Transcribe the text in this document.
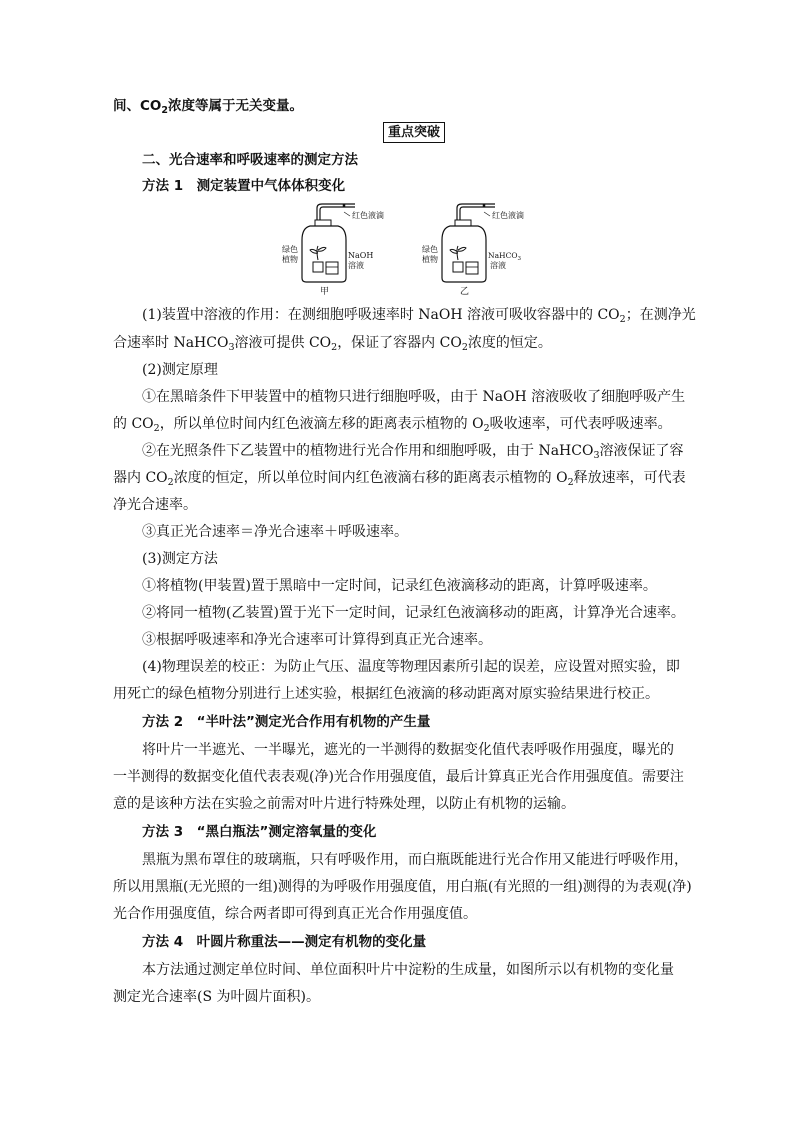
间、$CO_2$浓度等属于无关变量。
重点突破
二、光合速率和呼吸速率的测定方法
方法 1　测定装置中气体体积变化
红色液滴
绿色
植物	NaOH
溶液
甲
红色液滴
绿色
植物	NaHCO$_3$
溶液
乙
(1)装置中溶液的作用：在测细胞呼吸速率时 NaOH 溶液可吸收容器中的 $CO_2$；在测净光
合速率时 NaHCO$_3$溶液可提供 $CO_2$，保证了容器内 $CO_2$浓度的恒定。
(2)测定原理
①在黑暗条件下甲装置中的植物只进行细胞呼吸，由于 NaOH 溶液吸收了细胞呼吸产生
的 $CO_2$，所以单位时间内红色液滴左移的距离表示植物的 $O_2$吸收速率，可代表呼吸速率。
②在光照条件下乙装置中的植物进行光合作用和细胞呼吸，由于 NaHCO$_3$溶液保证了容
器内 $CO_2$浓度的恒定，所以单位时间内红色液滴右移的距离表示植物的 $O_2$释放速率，可代表
净光合速率。
③真正光合速率＝净光合速率＋呼吸速率。
(3)测定方法
①将植物(甲装置)置于黑暗中一定时间，记录红色液滴移动的距离，计算呼吸速率。
②将同一植物(乙装置)置于光下一定时间，记录红色液滴移动的距离，计算净光合速率。
③根据呼吸速率和净光合速率可计算得到真正光合速率。
(4)物理误差的校正：为防止气压、温度等物理因素所引起的误差，应设置对照实验，即
用死亡的绿色植物分别进行上述实验，根据红色液滴的移动距离对原实验结果进行校正。
方法 2　“半叶法”测定光合作用有机物的产生量
将叶片一半遮光、一半曝光，遮光的一半测得的数据变化值代表呼吸作用强度，曝光的
一半测得的数据变化值代表表观(净)光合作用强度值，最后计算真正光合作用强度值。需要注
意的是该种方法在实验之前需对叶片进行特殊处理，以防止有机物的运输。
方法 3　“黑白瓶法”测定溶氧量的变化
黑瓶为黑布罩住的玻璃瓶，只有呼吸作用，而白瓶既能进行光合作用又能进行呼吸作用，
所以用黑瓶(无光照的一组)测得的为呼吸作用强度值，用白瓶(有光照的一组)测得的为表观(净)
光合作用强度值，综合两者即可得到真正光合作用强度值。
方法 4　叶圆片称重法——测定有机物的变化量
本方法通过测定单位时间、单位面积叶片中淀粉的生成量，如图所示以有机物的变化量
测定光合速率(S 为叶圆片面积)。
